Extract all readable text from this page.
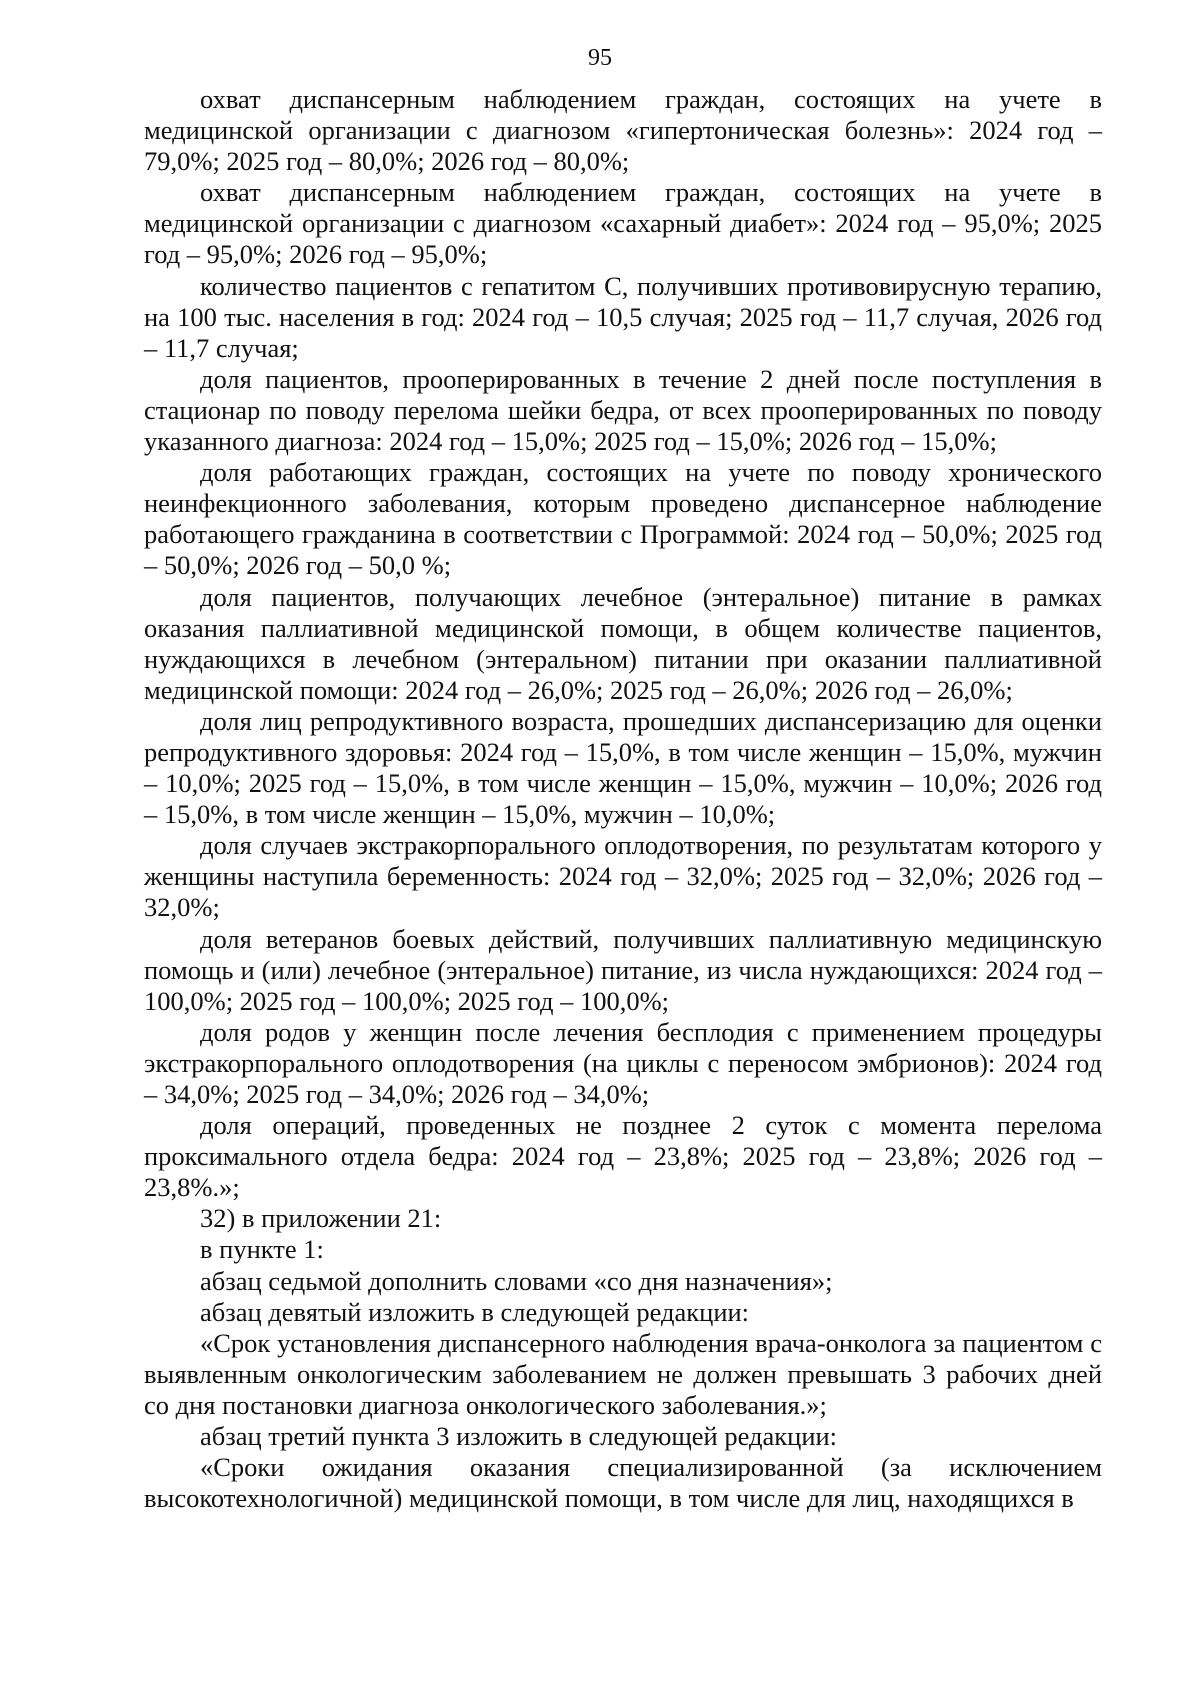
95

охват диспансерным наблюдением граждан, состоящих на учете в медицинской организации с диагнозом «гипертоническая болезнь»: 2024 год – 79,0%; 2025 год – 80,0%; 2026 год – 80,0%;

охват диспансерным наблюдением граждан, состоящих на учете в медицинской организации с диагнозом «сахарный диабет»: 2024 год – 95,0%; 2025 год – 95,0%; 2026 год – 95,0%;

количество пациентов с гепатитом С, получивших противовирусную терапию, на 100 тыс. населения в год: 2024 год – 10,5 случая; 2025 год – 11,7 случая, 2026 год – 11,7 случая;

доля пациентов, прооперированных в течение 2 дней после поступления в стационар по поводу перелома шейки бедра, от всех прооперированных по поводу указанного диагноза: 2024 год – 15,0%; 2025 год – 15,0%; 2026 год – 15,0%;

доля работающих граждан, состоящих на учете по поводу хронического неинфекционного заболевания, которым проведено диспансерное наблюдение работающего гражданина в соответствии с Программой: 2024 год – 50,0%; 2025 год – 50,0%; 2026 год – 50,0 %;

доля пациентов, получающих лечебное (энтеральное) питание в рамках оказания паллиативной медицинской помощи, в общем количестве пациентов, нуждающихся в лечебном (энтеральном) питании при оказании паллиативной медицинской помощи: 2024 год – 26,0%; 2025 год – 26,0%; 2026 год – 26,0%;

доля лиц репродуктивного возраста, прошедших диспансеризацию для оценки репродуктивного здоровья: 2024 год – 15,0%, в том числе женщин – 15,0%, мужчин – 10,0%; 2025 год – 15,0%, в том числе женщин – 15,0%, мужчин – 10,0%; 2026 год – 15,0%, в том числе женщин – 15,0%, мужчин – 10,0%;

доля случаев экстракорпорального оплодотворения, по результатам которого у женщины наступила беременность: 2024 год – 32,0%; 2025 год – 32,0%; 2026 год – 32,0%;

доля ветеранов боевых действий, получивших паллиативную медицинскую помощь и (или) лечебное (энтеральное) питание, из числа нуждающихся: 2024 год – 100,0%; 2025 год – 100,0%; 2025 год – 100,0%;

доля родов у женщин после лечения бесплодия с применением процедуры экстракорпорального оплодотворения (на циклы с переносом эмбрионов): 2024 год – 34,0%; 2025 год – 34,0%; 2026 год – 34,0%;

доля операций, проведенных не позднее 2 суток с момента перелома проксимального отдела бедра: 2024 год – 23,8%; 2025 год – 23,8%; 2026 год – 23,8%.»;

32) в приложении 21:

в пункте 1:

абзац седьмой дополнить словами «со дня назначения»;

абзац девятый изложить в следующей редакции:

«Срок установления диспансерного наблюдения врача-онколога за пациентом с выявленным онкологическим заболеванием не должен превышать 3 рабочих дней со дня постановки диагноза онкологического заболевания.»;

абзац третий пункта 3 изложить в следующей редакции:

«Сроки ожидания оказания специализированной (за исключением высокотехнологичной) медицинской помощи, в том числе для лиц, находящихся в
